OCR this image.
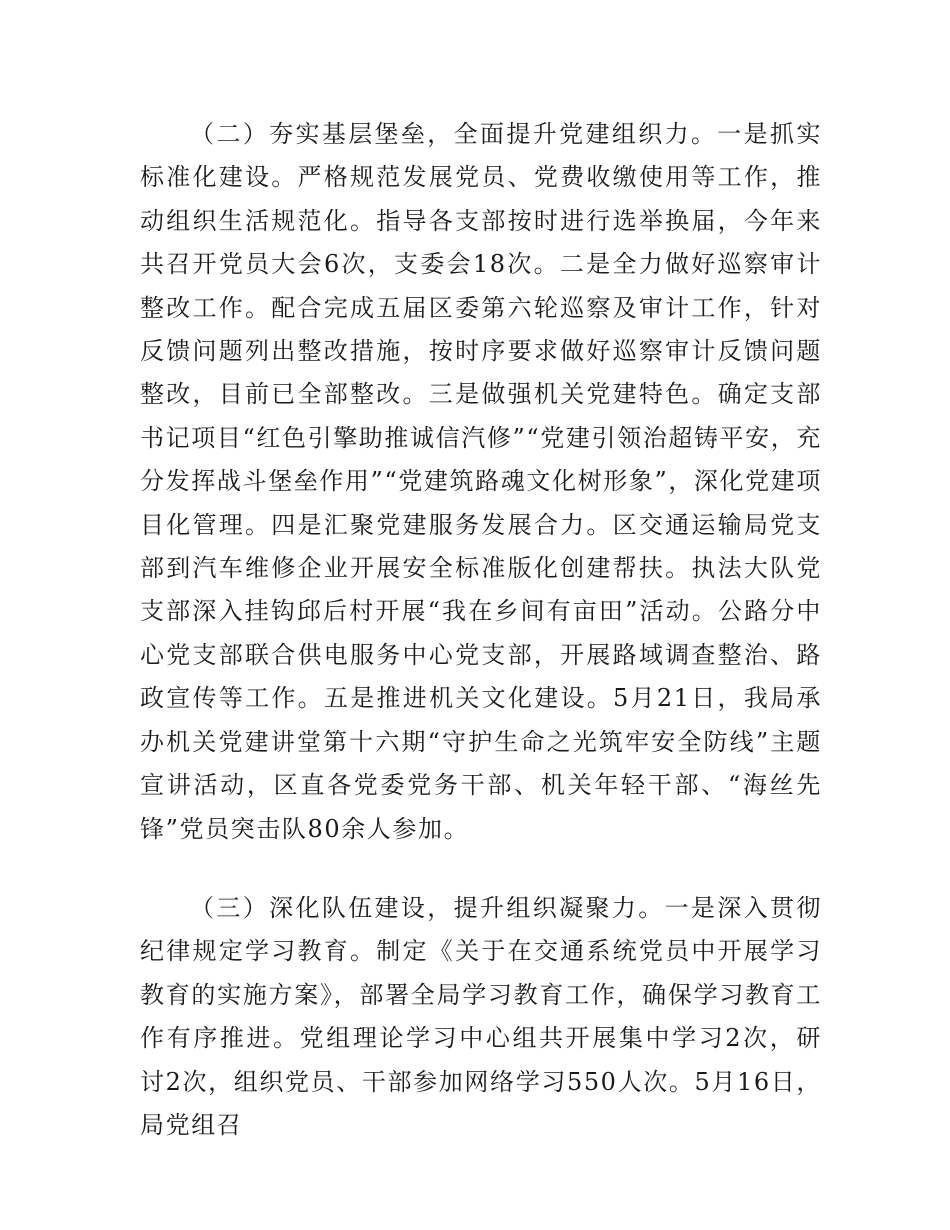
（二）夯实基层堡垒，全面提升党建组织力。一是抓实标准化建设。严格规范发展党员、党费收缴使用等工作，推动组织生活规范化。指导各支部按时进行选举换届，今年来共召开党员大会6次，支委会18次。二是全力做好巡察审计整改工作。配合完成五届区委第六轮巡察及审计工作，针对反馈问题列出整改措施，按时序要求做好巡察审计反馈问题整改，目前已全部整改。三是做强机关党建特色。确定支部书记项目“红色引擎助推诚信汽修”“党建引领治超铸平安，充分发挥战斗堡垒作用”“党建筑路魂文化树形象”，深化党建项目化管理。四是汇聚党建服务发展合力。区交通运输局党支部到汽车维修企业开展安全标准版化创建帮扶。执法大队党支部深入挂钩邱后村开展“我在乡间有亩田”活动。公路分中心党支部联合供电服务中心党支部，开展路域调查整治、路政宣传等工作。五是推进机关文化建设。5月21日，我局承办机关党建讲堂第十六期“守护生命之光筑牢安全防线”主题宣讲活动，区直各党委党务干部、机关年轻干部、“海丝先锋”党员突击队80余人参加。

（三）深化队伍建设，提升组织凝聚力。一是深入贯彻纪律规定学习教育。制定《关于在交通系统党员中开展学习教育的实施方案》，部署全局学习教育工作，确保学习教育工作有序推进。党组理论学习中心组共开展集中学习2次，研讨2次，组织党员、干部参加网络学习550人次。5月16日，局党组召
